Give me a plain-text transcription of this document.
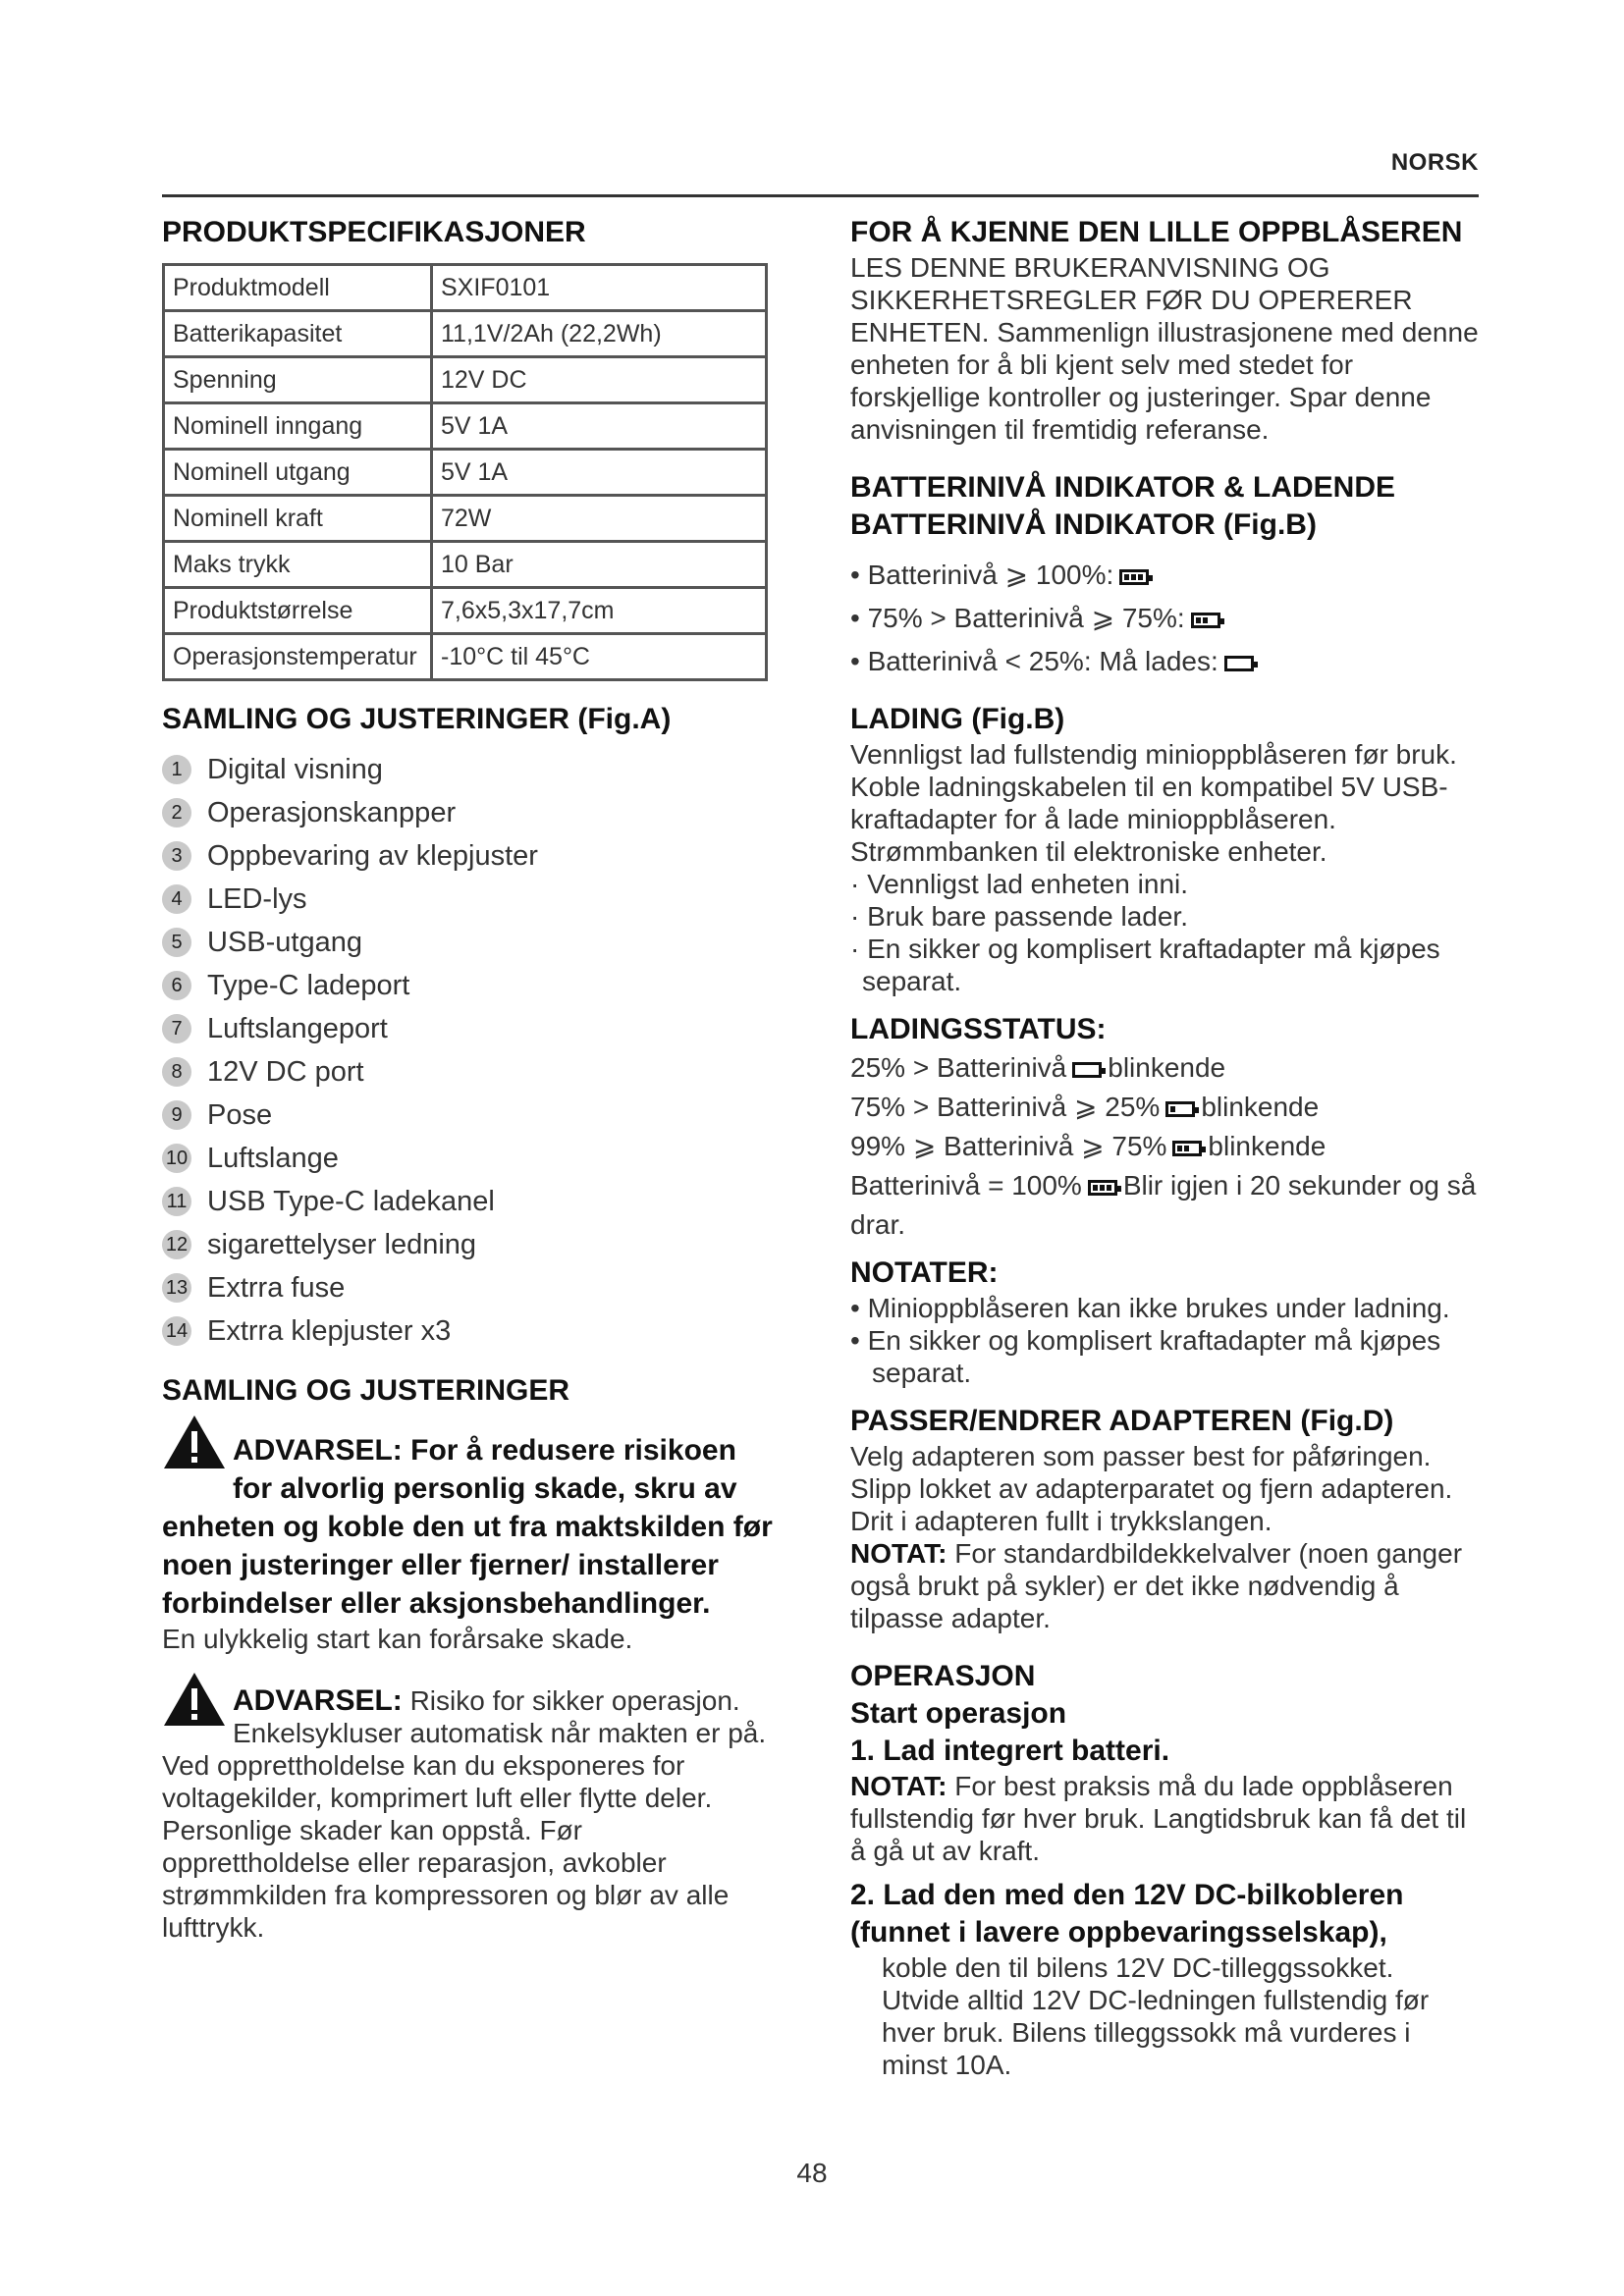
NORSK
PRODUKTSPECIFIKASJONER
Produktmodell	SXIF0101
Batterikapasitet	11,1V/2Ah (22,2Wh)
Spenning	12V DC
Nominell inngang	5V 1A
Nominell utgang	5V 1A
Nominell kraft	72W
Maks trykk	10 Bar
Produktstørrelse	7,6x5,3x17,7cm
Operasjonstemperatur	-10°C til 45°C
SAMLING OG JUSTERINGER (Fig.A)
1 Digital visning
2 Operasjonskanpper
3 Oppbevaring av klepjuster
4 LED-lys
5 USB-utgang
6 Type-C ladeport
7 Luftslangeport
8 12V DC port
9 Pose
10 Luftslange
11 USB Type-C ladekanel
12 sigarettelyser ledning
13 Extrra fuse
14 Extrra klepjuster x3
SAMLING OG JUSTERINGER
ADVARSEL: For å redusere risikoen for alvorlig personlig skade, skru av enheten og koble den ut fra maktskilden før noen justeringer eller fjerner/ installerer forbindelser eller aksjonsbehandlinger.

En ulykkelig start kan forårsake skade.

ADVARSEL: Risiko for sikker operasjon. Enkelsykluser automatisk når makten er på. Ved opprettholdelse kan du eksponeres for voltagekilder, komprimert luft eller flytte deler. Personlige skader kan oppstå. Før opprettholdelse eller reparasjon, avkobler strømmkilden fra kompressoren og blør av alle lufttrykk.

FOR Å KJENNE DEN LILLE OPPBLÅSEREN

LES DENNE BRUKERANVISNING OG SIKKERHETSREGLER FØR DU OPERERER ENHETEN. Sammenlign illustrasjonene med denne enheten for å bli kjent selv med stedet for forskjellige kontroller og justeringer. Spar denne anvisningen til fremtidig referanse.

BATTERINIVÅ INDIKATOR & LADENDE BATTERINIVÅ INDIKATOR (Fig.B)
• Batterinivå ⩾ 100%:
• 75% > Batterinivå ⩾ 75%:
• Batterinivå < 25%: Må lades:
LADING (Fig.B)

Vennligst lad fullstendig minioppblåseren før bruk. Koble ladningskabelen til en kompatibel 5V USB-kraftadapter for å lade minioppblåseren. Strømmbanken til elektroniske enheter.

· Vennligst lad enheten inni.
· Bruk bare passende lader.
· En sikker og komplisert kraftadapter må kjøpes separat.
LADINGSSTATUS:
25% > Batterinivå blinkende
75% > Batterinivå ⩾ 25% blinkende
99% ⩾ Batterinivå ⩾ 75% blinkende
Batterinivå = 100% Blir igjen i 20 sekunder og så drar.
NOTATER:
• Minioppblåseren kan ikke brukes under ladning.
• En sikker og komplisert kraftadapter må kjøpes separat.
PASSER/ENDRER ADAPTEREN (Fig.D)

Velg adapteren som passer best for påføringen. Slipp lokket av adapterparatet og fjern adapteren. Drit i adapteren fullt i trykkslangen.

NOTAT: For standardbildekkelvalver (noen ganger også brukt på sykler) er det ikke nødvendig å tilpasse adapter.

OPERASJON
Start operasjon
1. Lad integrert batteri.

NOTAT: For best praksis må du lade oppblåseren fullstendig før hver bruk. Langtidsbruk kan få det til å gå ut av kraft.

2. Lad den med den 12V DC-bilkobleren (funnet i lavere oppbevaringsselskap),

koble den til bilens 12V DC-tilleggssokket. Utvide alltid 12V DC-ledningen fullstendig før hver bruk. Bilens tilleggssokk må vurderes i minst 10A.

48
